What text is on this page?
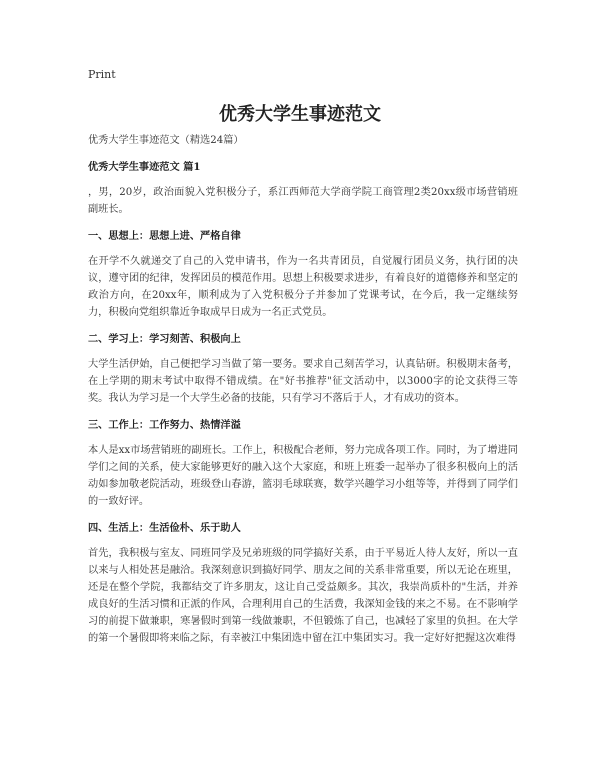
Print
优秀大学生事迹范文

优秀大学生事迹范文（精选24篇）

优秀大学生事迹范文 篇1

，男，20岁，政治面貌入党积极分子，系江西师范大学商学院工商管理2类20xx级市场营销班副班长。

一、思想上：思想上进、严格自律

在开学不久就递交了自己的入党申请书，作为一名共青团员，自觉履行团员义务，执行团的决议，遵守团的纪律，发挥团员的模范作用。思想上积极要求进步，有着良好的道德修养和坚定的政治方向，在20xx年，顺利成为了入党积极分子并参加了党课考试，在今后，我一定继续努力，积极向党组织靠近争取成早日成为一名正式党员。

二、学习上：学习刻苦、积极向上

大学生活伊始，自己便把学习当做了第一要务。要求自己刻苦学习，认真钻研。积极期末备考，在上学期的期末考试中取得不错成绩。在"好书推荐"征文活动中，以3000字的论文获得三等奖。我认为学习是一个大学生必备的技能，只有学习不落后于人，才有成功的资本。

三、工作上：工作努力、热情洋溢

本人是xx市场营销班的副班长。工作上，积极配合老师，努力完成各项工作。同时，为了增进同学们之间的关系，使大家能够更好的融入这个大家庭，和班上班委一起举办了很多积极向上的活动如参加敬老院活动，班级登山春游，篮羽毛球联赛，数学兴趣学习小组等等，并得到了同学们的一致好评。

四、生活上：生活俭朴、乐于助人

首先，我积极与室友、同班同学及兄弟班级的同学搞好关系，由于平易近人待人友好，所以一直以来与人相处甚是融洽。我深刻意识到搞好同学、朋友之间的关系非常重要，所以无论在班里，还是在整个学院，我都结交了许多朋友，这让自己受益颇多。其次，我崇尚质朴的"生活，并养成良好的生活习惯和正派的作风，合理利用自己的生活费，我深知金钱的来之不易。在不影响学习的前提下做兼职，寒暑假时到第一线做兼职，不但锻炼了自己，也减轻了家里的负担。在大学的第一个暑假即将来临之际，有幸被江中集团选中留在江中集团实习。我一定好好把握这次难得
